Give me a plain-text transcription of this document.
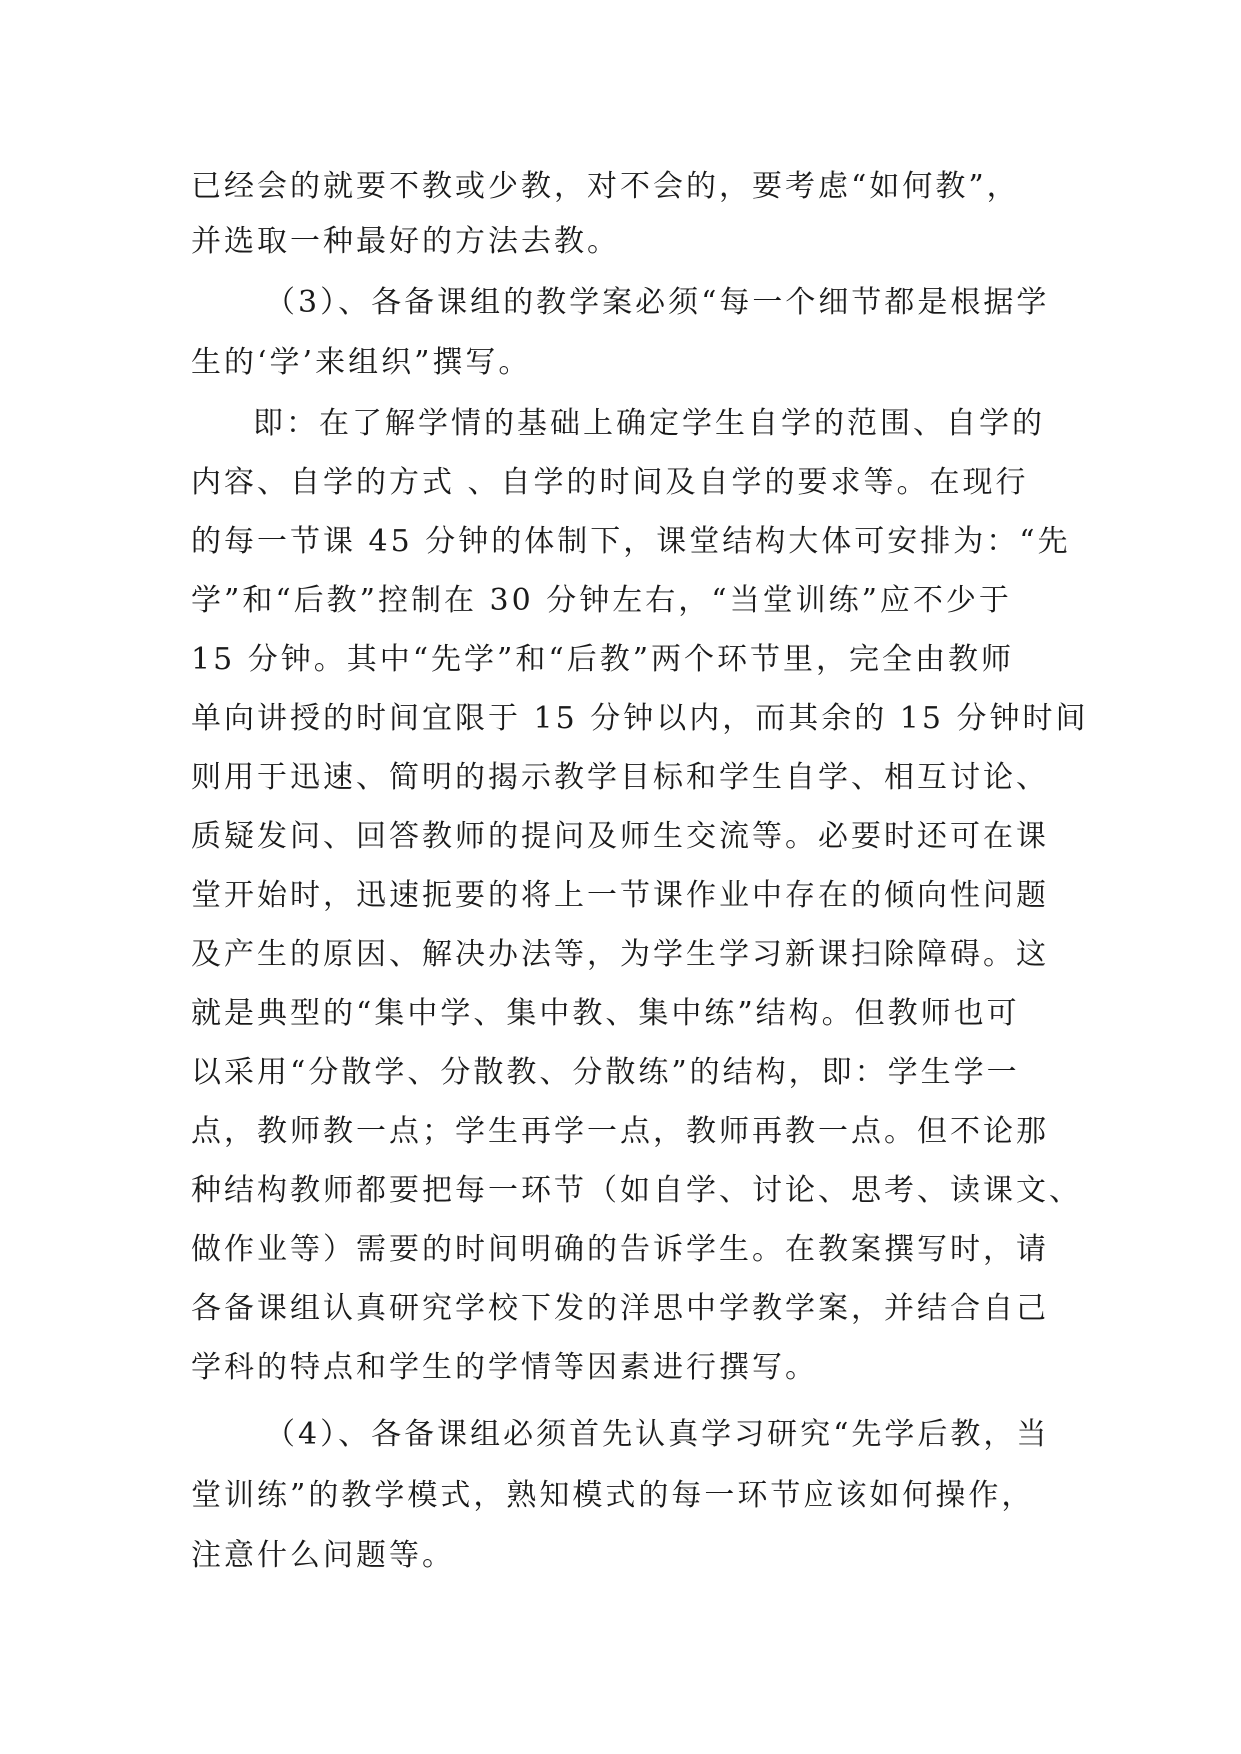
已经会的就要不教或少教，对不会的，要考虑“如何教”，
并选取一种最好的方法去教。
（3）、各备课组的教学案必须“每一个细节都是根据学
生的‘学’来组织”撰写。
即：在了解学情的基础上确定学生自学的范围、自学的
内容、自学的方式 、自学的时间及自学的要求等。在现行
的每一节课 45 分钟的体制下，课堂结构大体可安排为：“先
学”和“后教”控制在 30 分钟左右，“当堂训练”应不少于
15 分钟。其中“先学”和“后教”两个环节里，完全由教师
单向讲授的时间宜限于 15 分钟以内，而其余的 15 分钟时间
则用于迅速、简明的揭示教学目标和学生自学、相互讨论、
质疑发问、回答教师的提问及师生交流等。必要时还可在课
堂开始时，迅速扼要的将上一节课作业中存在的倾向性问题
及产生的原因、解决办法等，为学生学习新课扫除障碍。这
就是典型的“集中学、集中教、集中练”结构。但教师也可
以采用“分散学、分散教、分散练”的结构，即：学生学一
点，教师教一点；学生再学一点，教师再教一点。但不论那
种结构教师都要把每一环节（如自学、讨论、思考、读课文、
做作业等）需要的时间明确的告诉学生。在教案撰写时，请
各备课组认真研究学校下发的洋思中学教学案，并结合自己
学科的特点和学生的学情等因素进行撰写。
（4）、各备课组必须首先认真学习研究“先学后教，当
堂训练”的教学模式，熟知模式的每一环节应该如何操作，
注意什么问题等。
